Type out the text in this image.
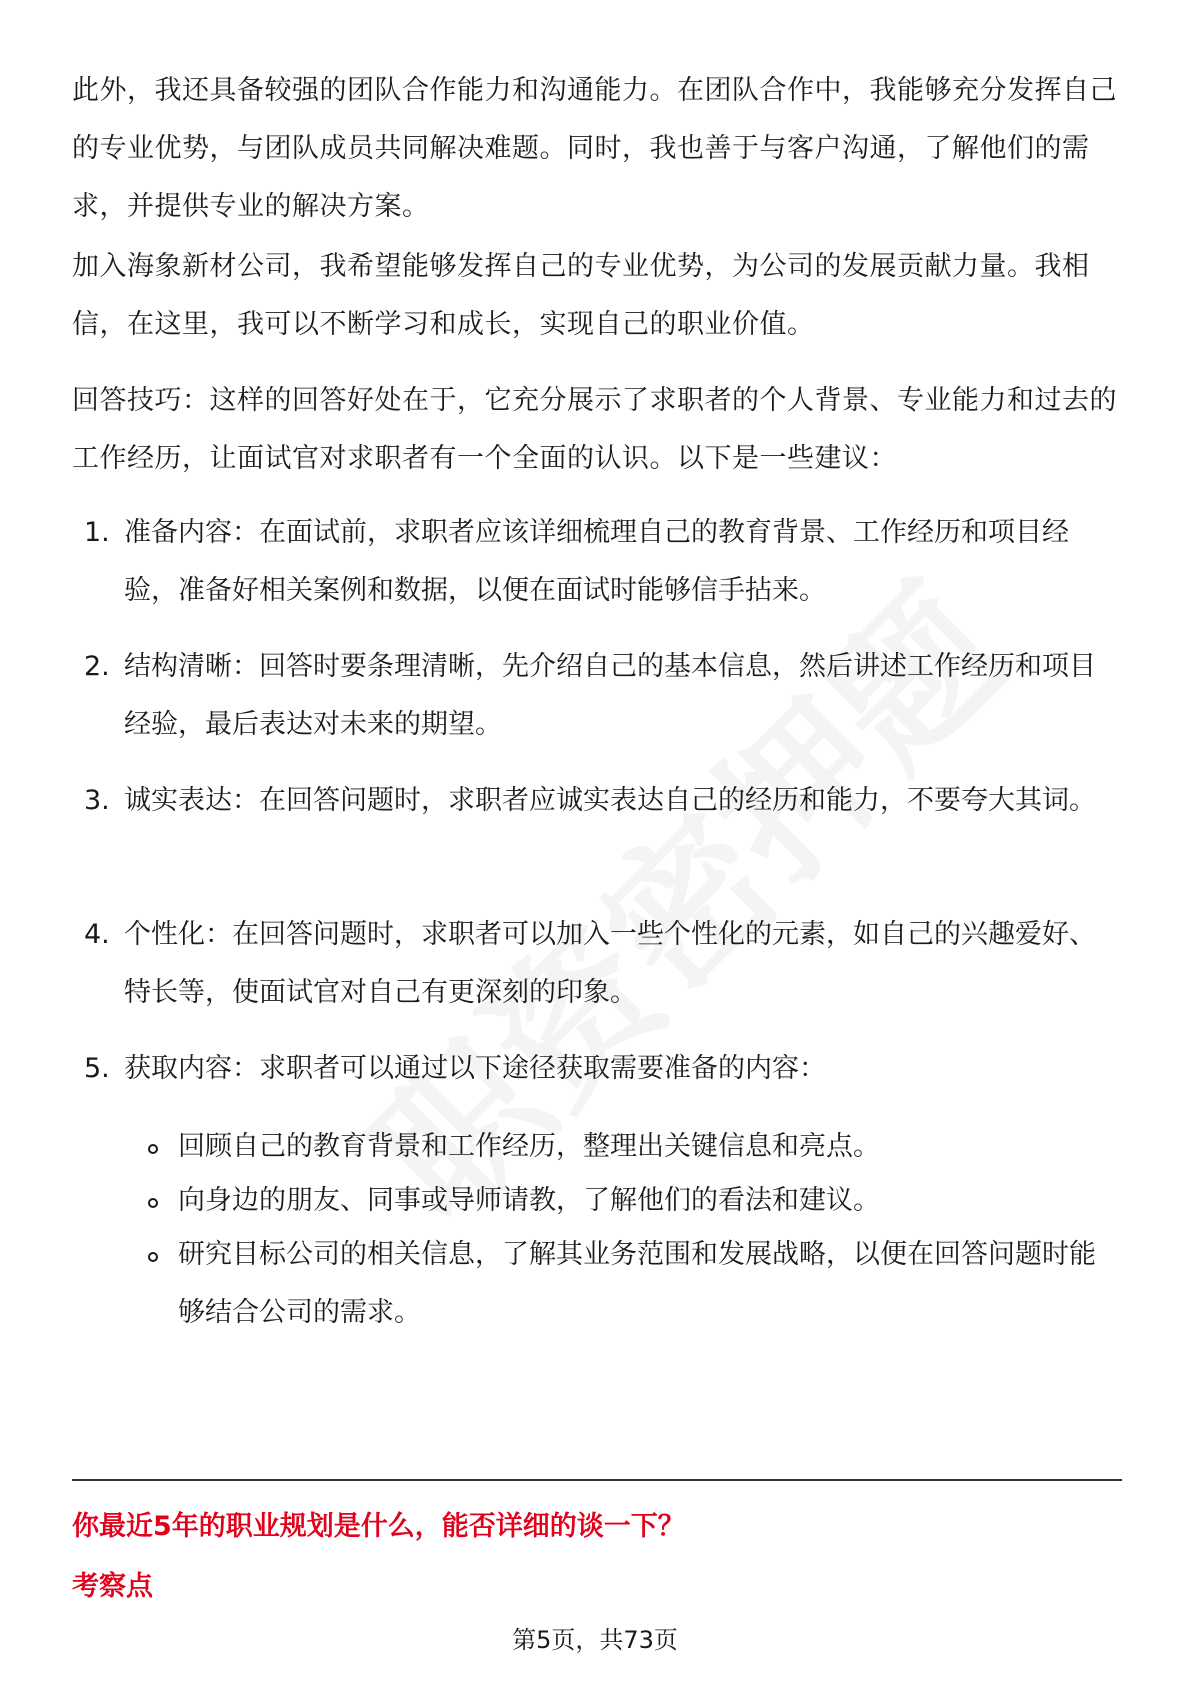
此外，我还具备较强的团队合作能力和沟通能力。在团队合作中，我能够充分发挥自己的专业优势，与团队成员共同解决难题。同时，我也善于与客户沟通，了解他们的需求，并提供专业的解决方案。

加入海象新材公司，我希望能够发挥自己的专业优势，为公司的发展贡献力量。我相信，在这里，我可以不断学习和成长，实现自己的职业价值。

回答技巧：这样的回答好处在于，它充分展示了求职者的个人背景、专业能力和过去的工作经历，让面试官对求职者有一个全面的认识。以下是一些建议：

1. 准备内容：在面试前，求职者应该详细梳理自己的教育背景、工作经历和项目经验，准备好相关案例和数据，以便在面试时能够信手拈来。
2. 结构清晰：回答时要条理清晰，先介绍自己的基本信息，然后讲述工作经历和项目经验，最后表达对未来的期望。
3. 诚实表达：在回答问题时，求职者应诚实表达自己的经历和能力，不要夸大其词。
4. 个性化：在回答问题时，求职者可以加入一些个性化的元素，如自己的兴趣爱好、特长等，使面试官对自己有更深刻的印象。
5. 获取内容：求职者可以通过以下途径获取需要准备的内容：
回顾自己的教育背景和工作经历，整理出关键信息和亮点。
向身边的朋友、同事或导师请教，了解他们的看法和建议。
研究目标公司的相关信息，了解其业务范围和发展战略，以便在回答问题时能够结合公司的需求。
你最近5年的职业规划是什么，能否详细的谈一下？
考察点
第5页，共73页
